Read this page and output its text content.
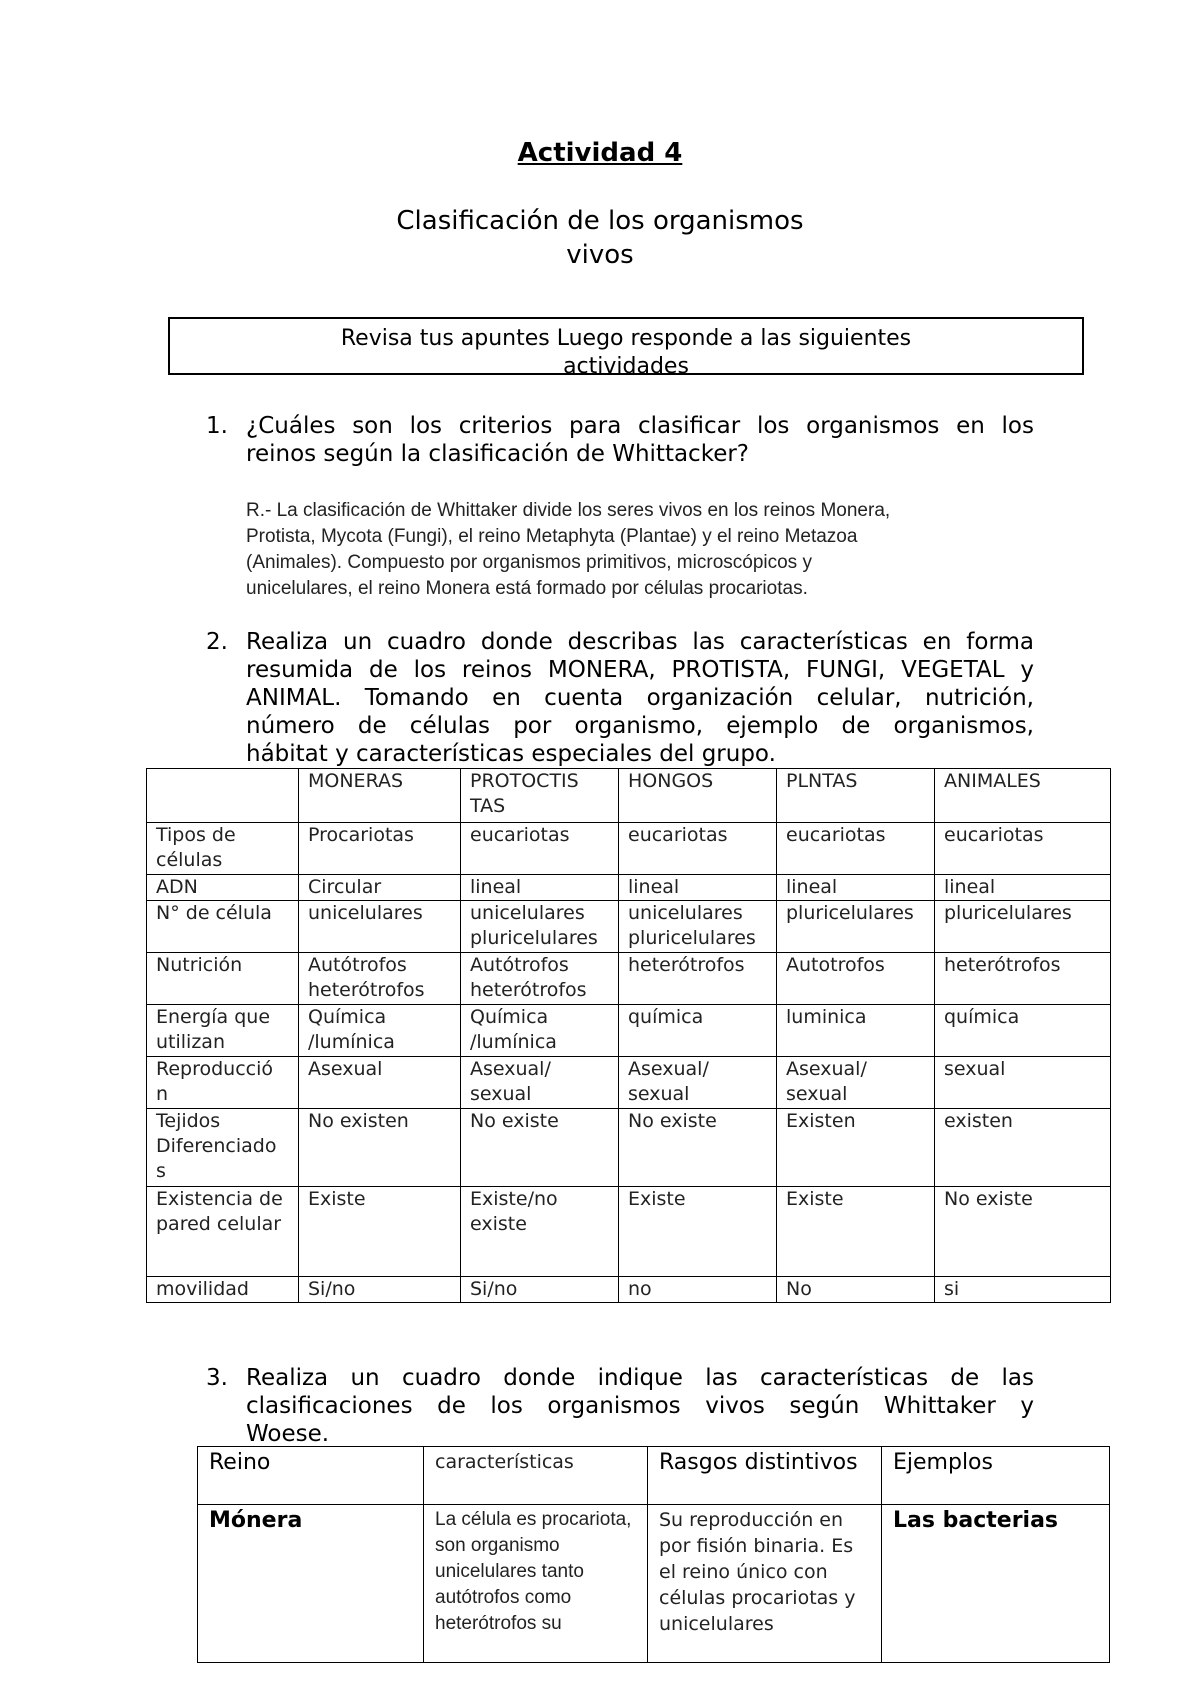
Actividad 4
Clasificación de los organismos
vivos
Revisa tus apuntes Luego responde a las siguientes
actividades
1. ¿Cuáles son los criterios para clasificar los organismos en los
reinos según la clasificación de Whittacker?
R.- La clasificación de Whittaker divide los seres vivos en los reinos Monera,
Protista, Mycota (Fungi), el reino Metaphyta (Plantae) y el reino Metazoa
(Animales). Compuesto por organismos primitivos, microscópicos y
unicelulares, el reino Monera está formado por células procariotas.
2. Realiza un cuadro donde describas las características en forma
resumida de los reinos MONERA, PROTISTA, FUNGI, VEGETAL y
ANIMAL. Tomando en cuenta organización celular, nutrición,
número de células por organismo, ejemplo de organismos,
hábitat y características especiales del grupo.
	MONERAS	PROTOCTIS TAS	HONGOS	PLNTAS	ANIMALES
Tipos de células	Procariotas	eucariotas	eucariotas	eucariotas	eucariotas
ADN	Circular	lineal	lineal	lineal	lineal
N° de célula	unicelulares	unicelulares pluricelulares	unicelulares pluricelulares	pluricelulares	pluricelulares
Nutrición	Autótrofos heterótrofos	Autótrofos heterótrofos	heterótrofos	Autotrofos	heterótrofos
Energía que utilizan	Química /lumínica	Química /lumínica	química	luminica	química
Reproducció n	Asexual	Asexual/ sexual	Asexual/ sexual	Asexual/ sexual	sexual
Tejidos Diferenciado s	No existen	No existe	No existe	Existen	existen
Existencia de pared celular	Existe	Existe/no existe	Existe	Existe	No existe
movilidad	Si/no	Si/no	no	No	si
3. Realiza un cuadro donde indique las características de las
clasificaciones de los organismos vivos según Whittaker y
Woese.
Reino	características	Rasgos distintivos	Ejemplos
Mónera	La célula es procariota, son organismo unicelulares tanto autótrofos como heterótrofos su	Su reproducción en por fisión binaria. Es el reino único con células procariotas y unicelulares	Las bacterias
